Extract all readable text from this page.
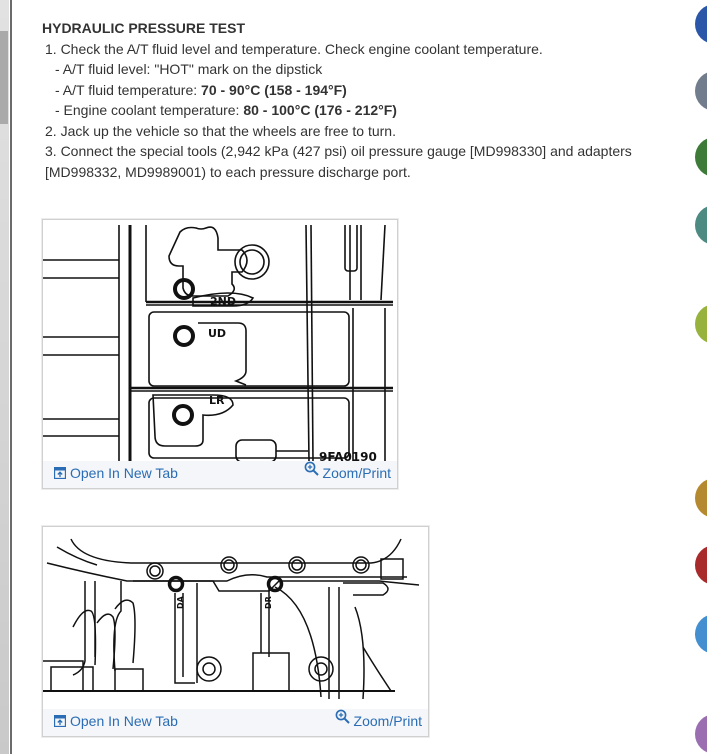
HYDRAULIC PRESSURE TEST
1. Check the A/T fluid level and temperature. Check engine coolant temperature.
- A/T fluid level: "HOT" mark on the dipstick
- A/T fluid temperature: 70 - 90°C (158 - 194°F)
- Engine coolant temperature: 80 - 100°C (176 - 212°F)
2. Jack up the vehicle so that the wheels are free to turn.
3. Connect the special tools (2,942 kPa (427 psi) oil pressure gauge [MD998330] and adapters [MD998332, MD9989001) to each pressure discharge port.
2ND
UD
LR
9FA0190
Open In New Tab	Zoom/Print
DA	DR
Open In New Tab	Zoom/Print
